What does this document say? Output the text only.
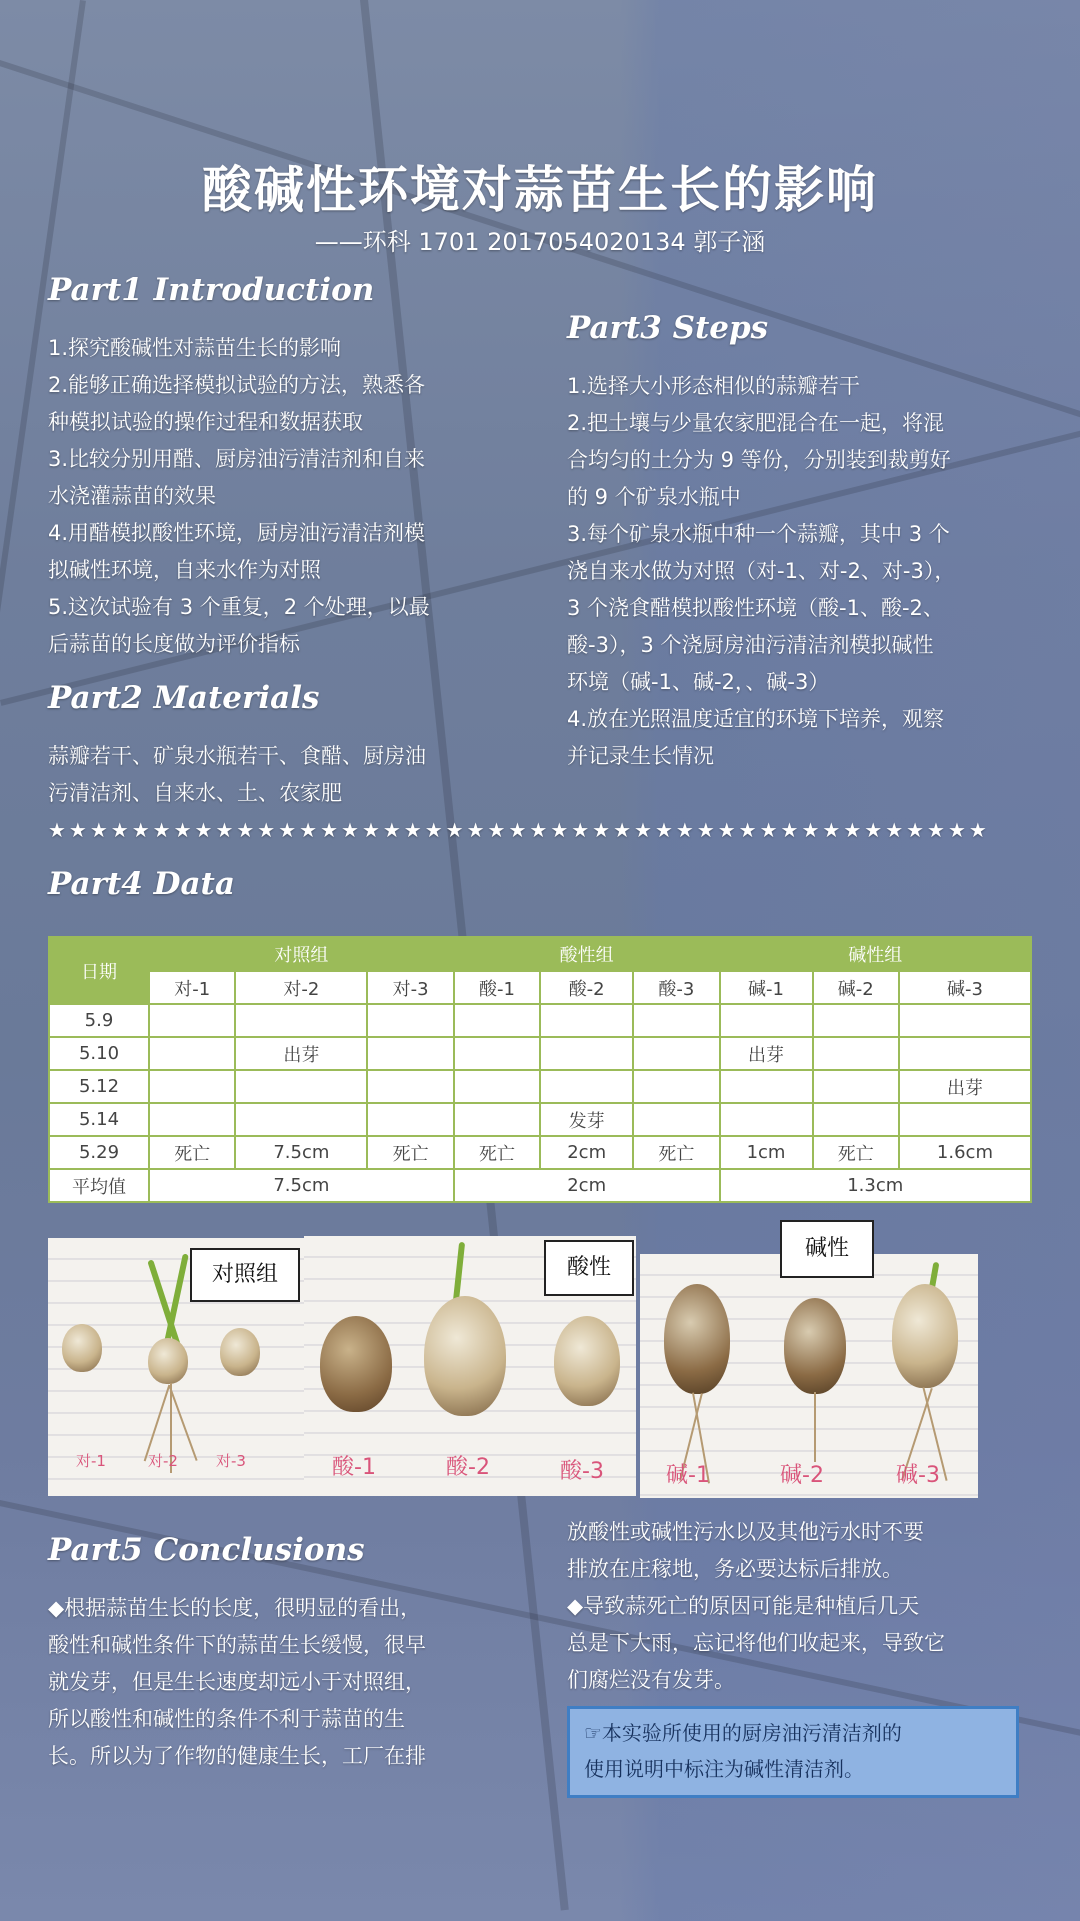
酸碱性环境对蒜苗生长的影响
——环科 1701 2017054020134 郭子涵
Part1 Introduction
1.探究酸碱性对蒜苗生长的影响
2.能够正确选择模拟试验的方法，熟悉各
种模拟试验的操作过程和数据获取
3.比较分别用醋、厨房油污清洁剂和自来
水浇灌蒜苗的效果
4.用醋模拟酸性环境，厨房油污清洁剂模
拟碱性环境，自来水作为对照
5.这次试验有 3 个重复，2 个处理，以最
后蒜苗的长度做为评价指标
Part2 Materials
蒜瓣若干、矿泉水瓶若干、食醋、厨房油
污清洁剂、自来水、土、农家肥
Part3 Steps
1.选择大小形态相似的蒜瓣若干
2.把土壤与少量农家肥混合在一起，将混
合均匀的土分为 9 等份，分别装到裁剪好
的 9 个矿泉水瓶中
3.每个矿泉水瓶中种一个蒜瓣，其中 3 个
浇自来水做为对照（对-1、对-2、对-3），
3 个浇食醋模拟酸性环境（酸-1、酸-2、
酸-3），3 个浇厨房油污清洁剂模拟碱性
环境（碱-1、碱-2，、碱-3）
4.放在光照温度适宜的环境下培养，观察
并记录生长情况
★★★★★★★★★★★★★★★★★★★★★★★★★★★★★★★★★★★★★★★★★★★★★
Part4 Data
日期	对照组			酸性组			碱性组		
	对-1	对-2	对-3	酸-1	酸-2	酸-3	碱-1	碱-2	碱-3
5.9									
5.10		出芽					出芽		
5.12									出芽
5.14					发芽				
5.29	死亡	7.5cm	死亡	死亡	2cm	死亡	1cm	死亡	1.6cm
平均值	7.5cm			2cm			1.3cm		
对照组
对-1	对-2	对-3
酸性
酸-1	酸-2	酸-3	碱-1	碱-2	碱-3
碱性
Part5 Conclusions
◆根据蒜苗生长的长度，很明显的看出，
酸性和碱性条件下的蒜苗生长缓慢，很早
就发芽，但是生长速度却远小于对照组，
所以酸性和碱性的条件不利于蒜苗的生
长。所以为了作物的健康生长，工厂在排
放酸性或碱性污水以及其他污水时不要
排放在庄稼地，务必要达标后排放。
◆导致蒜死亡的原因可能是种植后几天
总是下大雨，忘记将他们收起来，导致它
们腐烂没有发芽。
☞本实验所使用的厨房油污清洁剂的
使用说明中标注为碱性清洁剂。
